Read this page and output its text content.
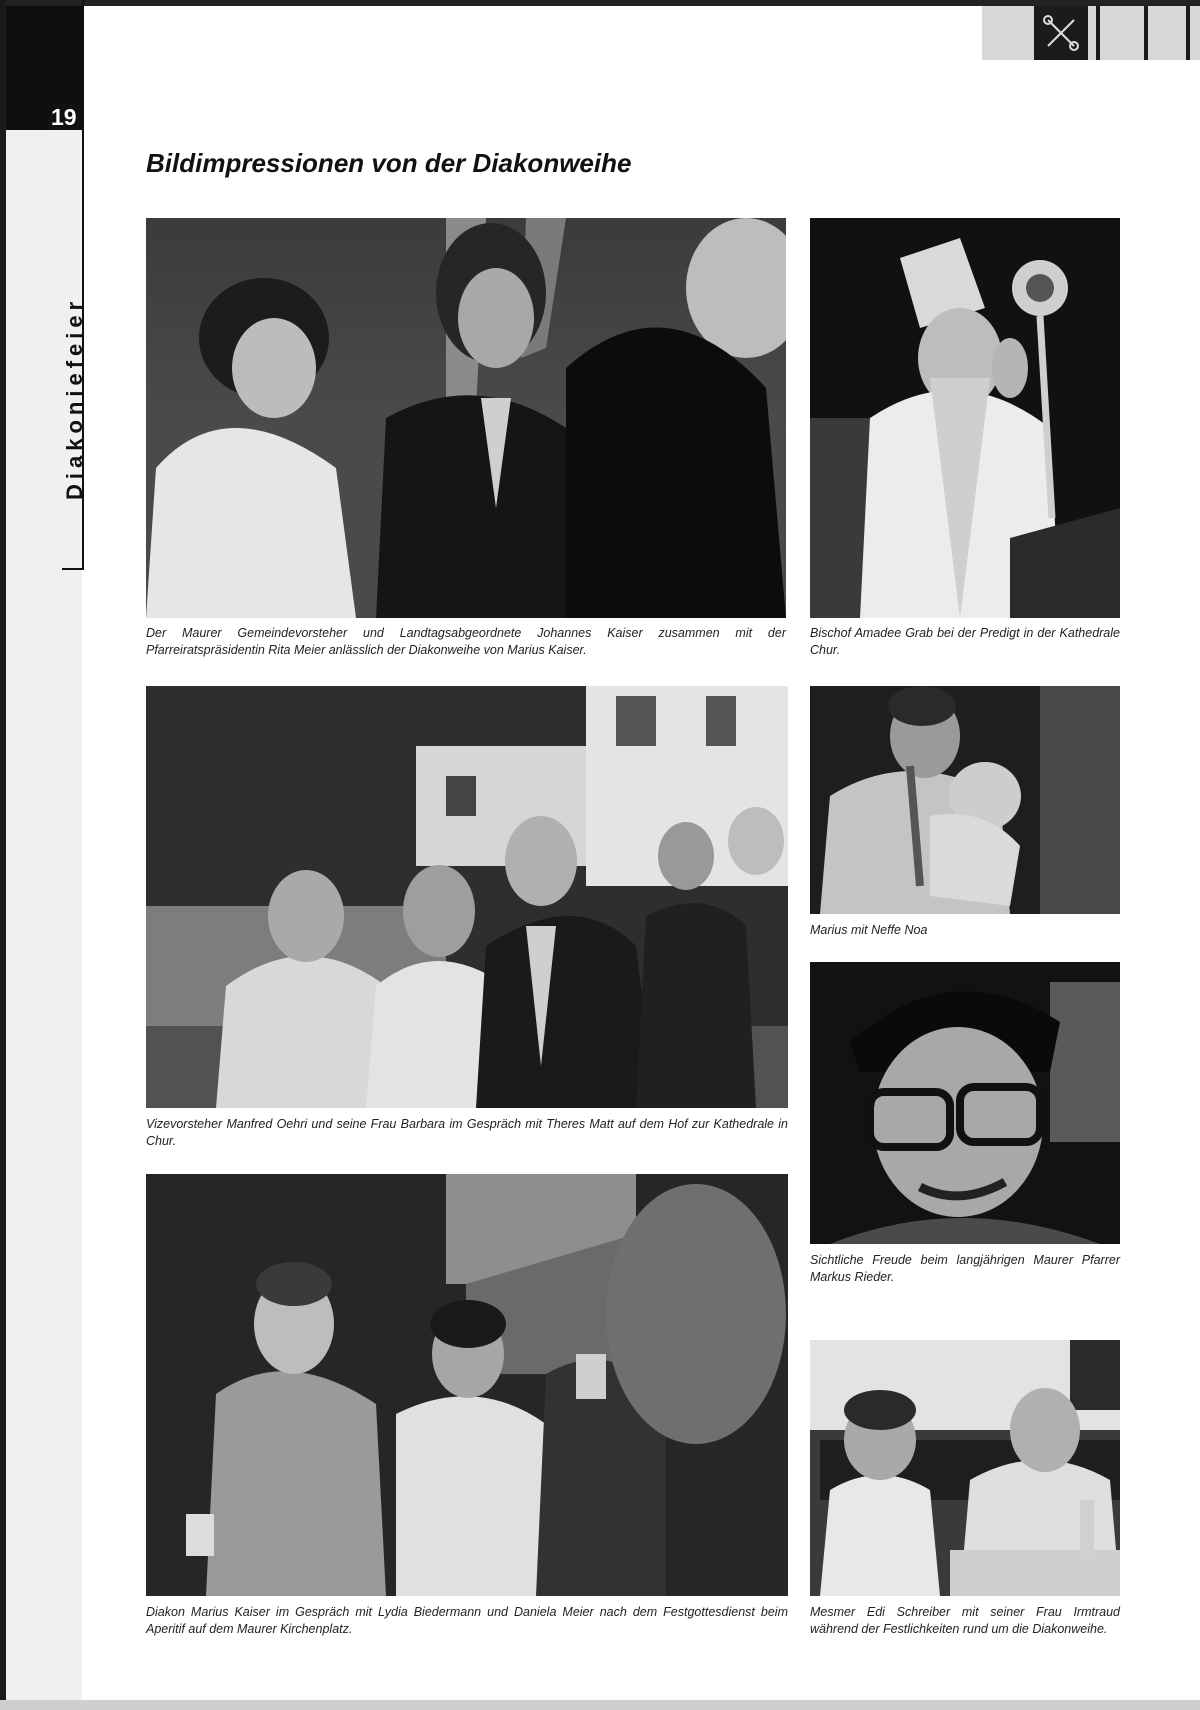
19
Diakoniefeier
Bildimpressionen von der Diakonweihe

Der Maurer Gemeindevorsteher und Landtagsabgeordnete Johannes Kaiser zusammen mit der Pfarreiratspräsidentin Rita Meier anlässlich der Diakonweihe von Marius Kaiser.

Bischof Amadee Grab bei der Predigt in der Kathedrale Chur.

Vizevorsteher Manfred Oehri und seine Frau Barbara im Gespräch mit Theres Matt auf dem Hof zur Kathedrale in Chur.

Marius mit Neffe Noa

Sichtliche Freude beim langjährigen Maurer Pfarrer Markus Rieder.

Diakon Marius Kaiser im Gespräch mit Lydia Biedermann und Daniela Meier nach dem Festgottesdienst beim Aperitif auf dem Maurer Kirchenplatz.

Mesmer Edi Schreiber mit seiner Frau Irmtraud während der Festlichkeiten rund um die Diakonweihe.
